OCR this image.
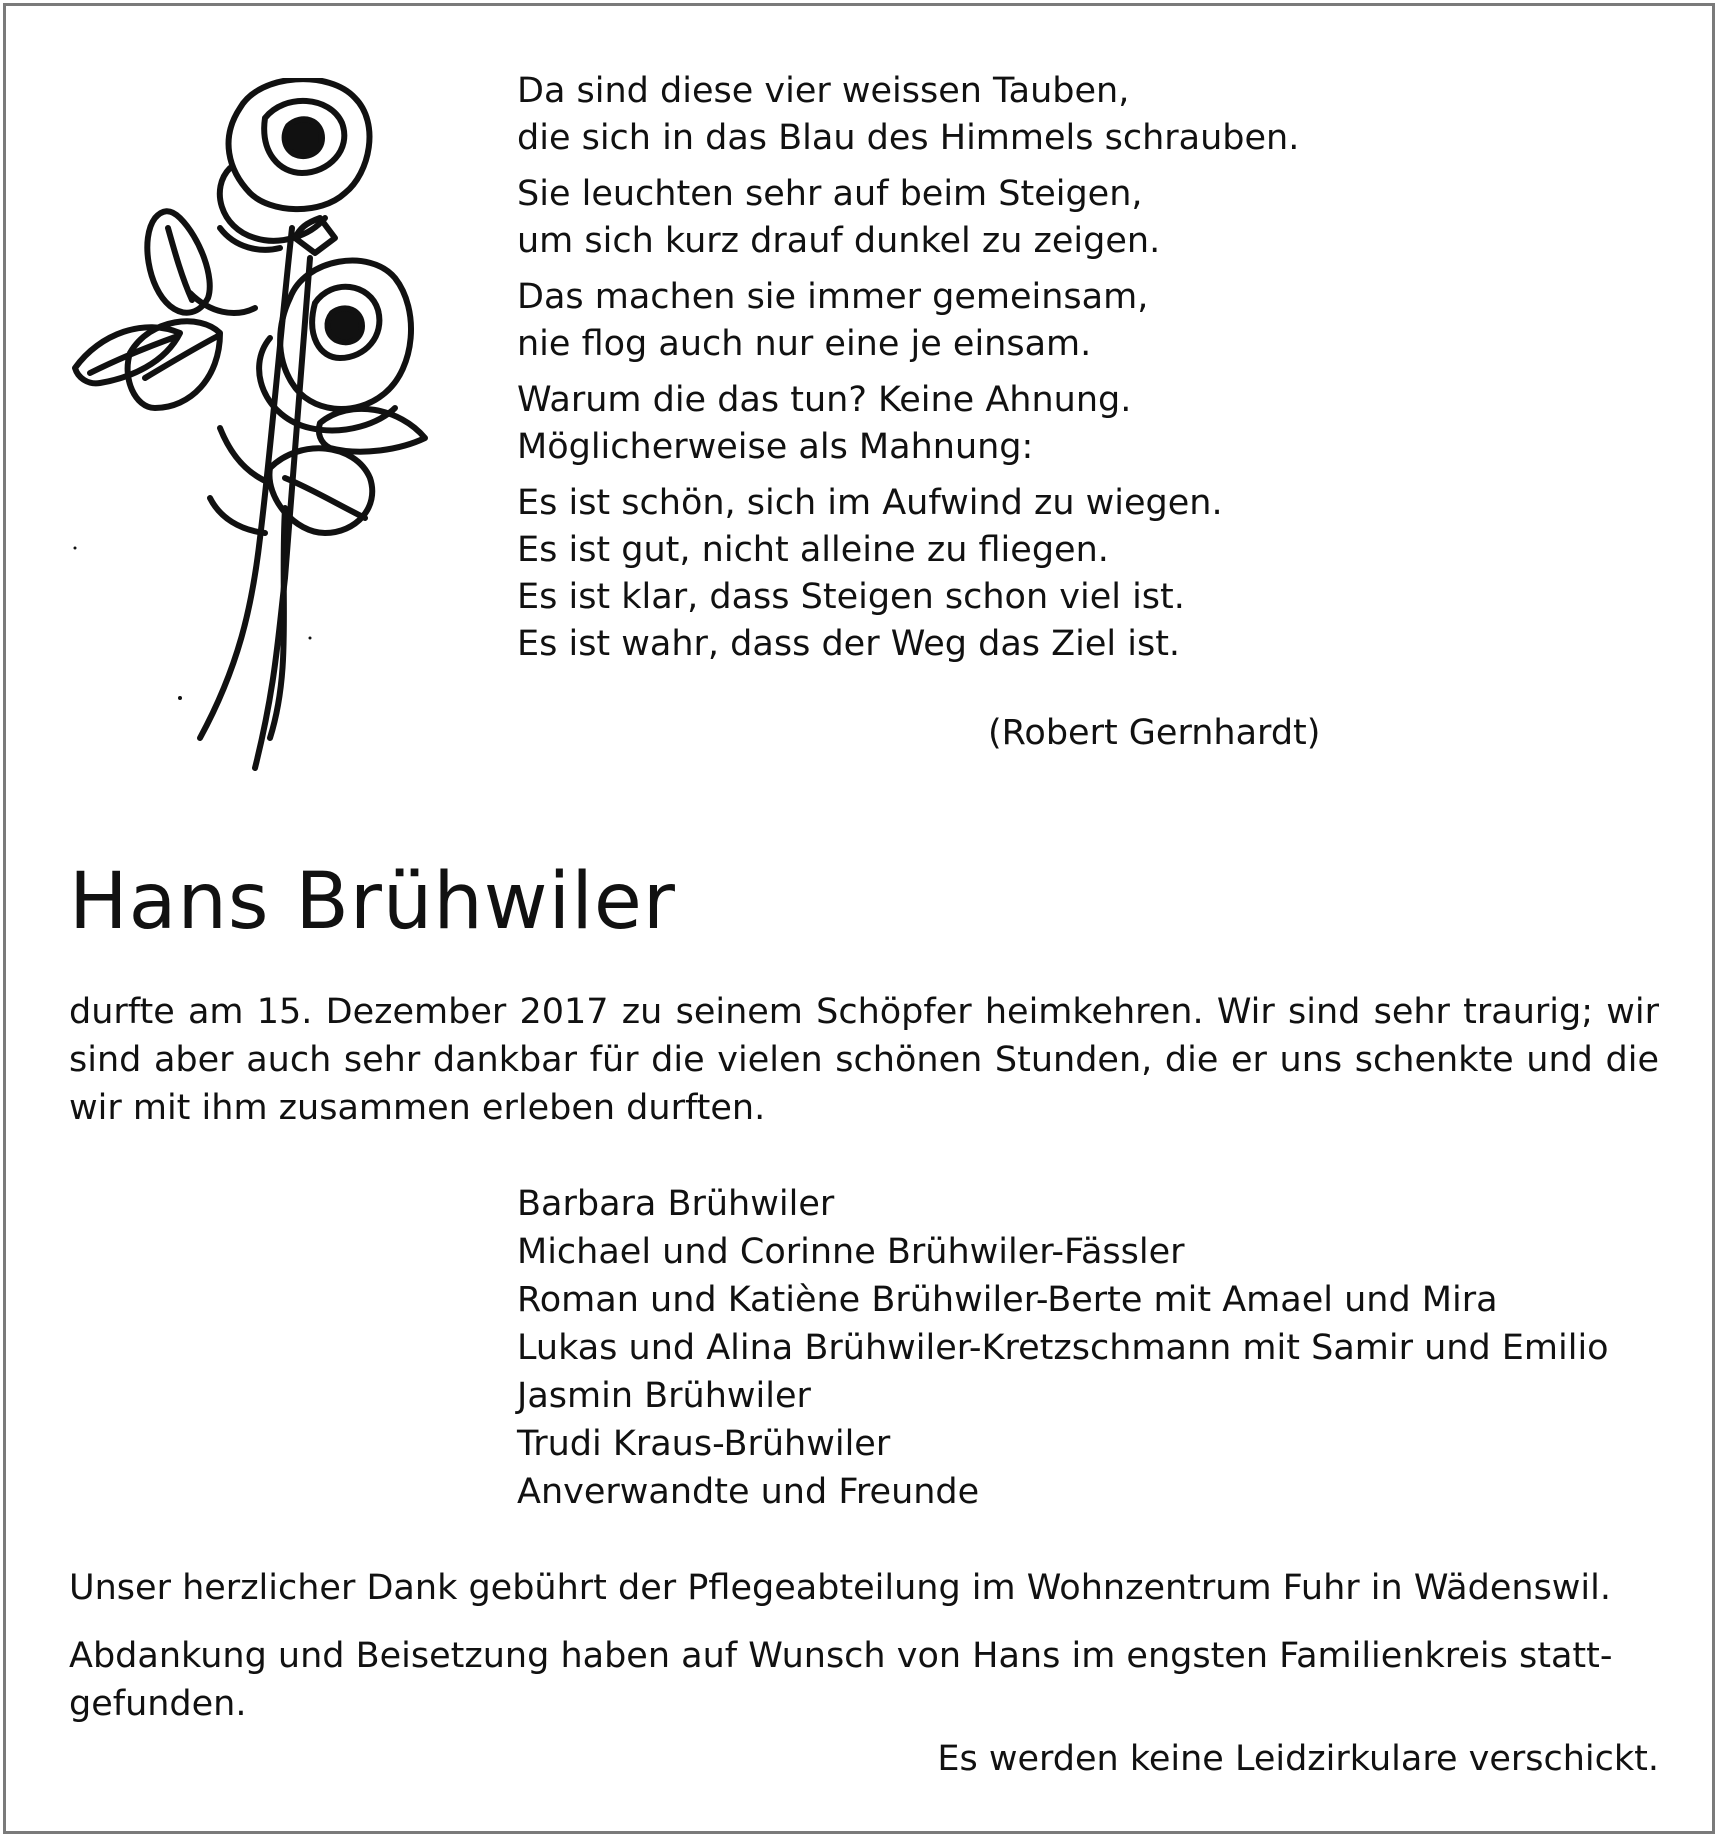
Da sind diese vier weissen Tauben,
die sich in das Blau des Himmels schrauben.
Sie leuchten sehr auf beim Steigen,
um sich kurz drauf dunkel zu zeigen.
Das machen sie immer gemeinsam,
nie flog auch nur eine je einsam.
Warum die das tun? Keine Ahnung.
Möglicherweise als Mahnung:
Es ist schön, sich im Aufwind zu wiegen.
Es ist gut, nicht alleine zu fliegen.
Es ist klar, dass Steigen schon viel ist.
Es ist wahr, dass der Weg das Ziel ist.
(Robert Gernhardt)
Hans Brühwiler

durfte am 15. Dezember 2017 zu seinem Schöpfer heimkehren. Wir sind sehr traurig; wir sind aber auch sehr dankbar für die vielen schönen Stunden, die er uns schenkte und die wir mit ihm zusammen erleben durften.

Barbara Brühwiler
Michael und Corinne Brühwiler-Fässler
Roman und Katiène Brühwiler-Berte mit Amael und Mira
Lukas und Alina Brühwiler-Kretzschmann mit Samir und Emilio
Jasmin Brühwiler
Trudi Kraus-Brühwiler
Anverwandte und Freunde

Unser herzlicher Dank gebührt der Pflegeabteilung im Wohnzentrum Fuhr in Wädenswil.

Abdankung und Beisetzung haben auf Wunsch von Hans im engsten Familienkreis statt-

gefunden.

Es werden keine Leidzirkulare verschickt.
